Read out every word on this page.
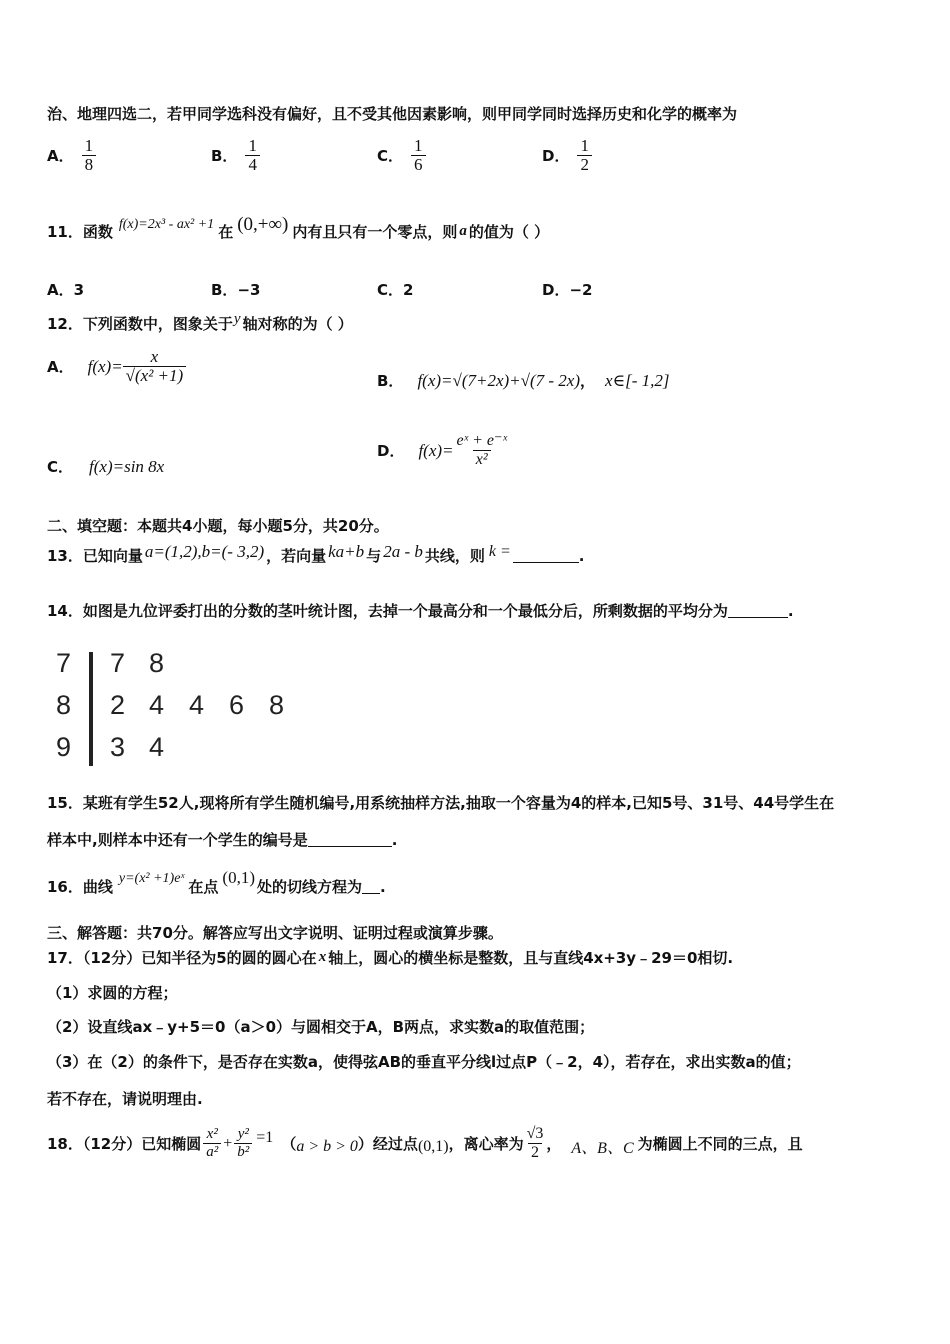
治、地理四选二，若甲同学选科没有偏好，且不受其他因素影响，则甲同学同时选择历史和化学的概率为
A． $\frac{1}{8}$	B． $\frac{1}{4}$	C． $\frac{1}{6}$	D． $\frac{1}{2}$
11．函数 f(x)=2x³ - ax² +1 在 (0,+∞) 内有且只有一个零点，则 a 的值为（ ）
A．3	B．−3	C．2	D．−2
12．下列函数中，图象关于 y 轴对称的为（ ）
A． $f(x)= \frac{x}{\text{√(x² +1)}}$	B． f(x)=√(7+2x)+√(7 - 2x) ， x∈[- 1,2]
C． f(x)=sin 8x
D． $f(x)= \frac{\text{eˣ + e⁻ˣ}}{\text{x²}}$
二、填空题：本题共4小题，每小题5分，共20分。
13．已知向量 a=(1,2),b=(- 3,2) ，若向量 ka+b 与 2a - b 共线，则 k =	.
14．如图是九位评委打出的分数的茎叶统计图，去掉一个最高分和一个最低分后，所剩数据的平均分为	.
7 7 8
8 2 4 4 6 8
9 3 4
15．某班有学生52人,现将所有学生随机编号,用系统抽样方法,抽取一个容量为4的样本,已知5号、31号、44号学生在
样本中,则样本中还有一个学生的编号是	.
16．曲线 y=(x² +1)eˣ 在点
(0,1)
处的切线方程为 .
三、解答题：共70分。解答应写出文字说明、证明过程或演算步骤。
17．（12分）已知半径为5的圆的圆心在 x 轴上，圆心的横坐标是整数，且与直线4x+3y﹣29＝0相切.
（1）求圆的方程；
（2）设直线ax﹣y+5＝0（a＞0）与圆相交于A，B两点，求实数a的取值范围；
（3）在（2）的条件下，是否存在实数a，使得弦AB的垂直平分线l过点P（﹣2，4），若存在，求出实数a的值；
若不存在，请说明理由.
18．（12分）已知椭圆 $\frac{\text{x²}}{\text{a²}} + \frac{\text{y²}}{\text{b²}} =1$ （ a > b > 0 ）经过点 (0,1) ，离心率为 $\frac{√3}{2}$ ， A、B、C 为椭圆上不同的三点，且
